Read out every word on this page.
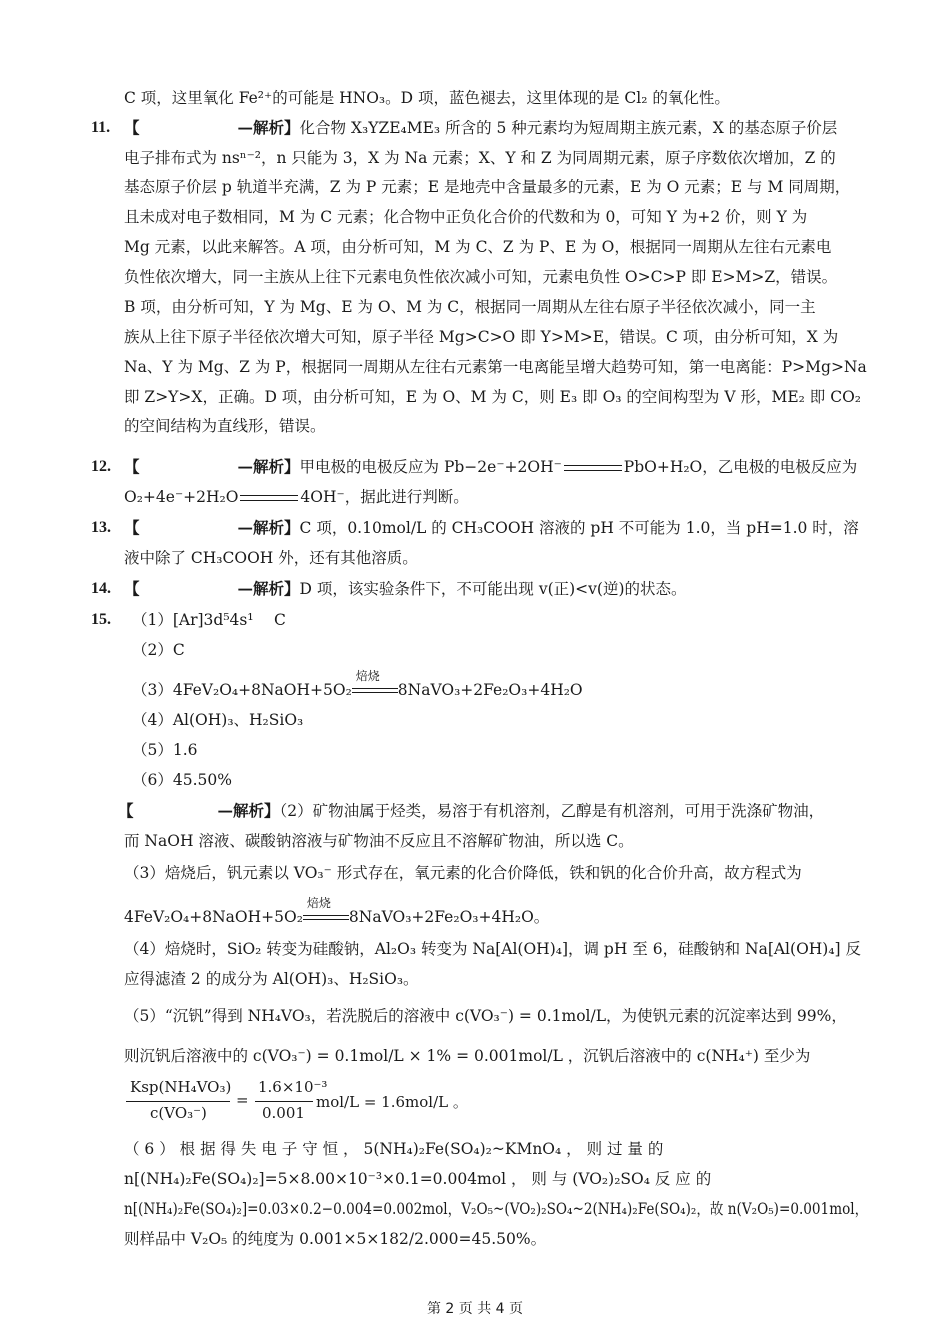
C 项，这里氧化 Fe²⁺的可能是 HNO₃。D 项，蓝色褪去，这里体现的是 Cl₂ 的氧化性。
11. 【	—解析】化合物 X₃YZE₄ME₃ 所含的 5 种元素均为短周期主族元素，X 的基态原子价层
电子排布式为 nsⁿ⁻²，n 只能为 3，X 为 Na 元素；X、Y 和 Z 为同周期元素，原子序数依次增加，Z 的
基态原子价层 p 轨道半充满，Z 为 P 元素；E 是地壳中含量最多的元素，E 为 O 元素；E 与 M 同周期，
且未成对电子数相同，M 为 C 元素；化合物中正负化合价的代数和为 0，可知 Y 为+2 价，则 Y 为
Mg 元素，以此来解答。A 项，由分析可知，M 为 C、Z 为 P、E 为 O，根据同一周期从左往右元素电
负性依次增大，同一主族从上往下元素电负性依次减小可知，元素电负性 O>C>P 即 E>M>Z，错误。
B 项，由分析可知，Y 为 Mg、E 为 O、M 为 C，根据同一周期从左往右原子半径依次减小，同一主
族从上往下原子半径依次增大可知，原子半径 Mg>C>O 即 Y>M>E，错误。C 项，由分析可知，X 为
Na、Y 为 Mg、Z 为 P，根据同一周期从左往右元素第一电离能呈增大趋势可知，第一电离能：P>Mg>Na
即 Z>Y>X，正确。D 项，由分析可知，E 为 O、M 为 C，则 E₃ 即 O₃ 的空间构型为 V 形，ME₂ 即 CO₂
的空间结构为直线形，错误。
12. 【	—解析】甲电极的电极反应为 Pb−2e⁻+2OH⁻	PbO+H₂O，乙电极的电极反应为
O₂+4e⁻+2H₂O	4OH⁻，据此进行判断。
13. 【	—解析】C 项，0.10mol/L 的 CH₃COOH 溶液的 pH 不可能为 1.0，当 pH=1.0 时，溶
液中除了 CH₃COOH 外，还有其他溶质。
14. 【	—解析】D 项，该实验条件下，不可能出现 v(正)<v(逆)的状态。
15. （1）[Ar]3d⁵4s¹　 C
（2）C
（3）4FeV₂O₄+8NaOH+5O₂
焙烧
8NaVO₃+2Fe₂O₃+4H₂O
（4）Al(OH)₃、H₂SiO₃
（5）1.6
（6）45.50%
【	—解析】（2）矿物油属于烃类，易溶于有机溶剂，乙醇是有机溶剂，可用于洗涤矿物油，
而 NaOH 溶液、碳酸钠溶液与矿物油不反应且不溶解矿物油，所以选 C。
（3）焙烧后，钒元素以 VO₃⁻ 形式存在，氧元素的化合价降低，铁和钒的化合价升高，故方程式为
4FeV₂O₄+8NaOH+5O₂
焙烧
8NaVO₃+2Fe₂O₃+4H₂O。
（4）焙烧时，SiO₂ 转变为硅酸钠，Al₂O₃ 转变为 Na[Al(OH)₄]，调 pH 至 6，硅酸钠和 Na[Al(OH)₄] 反
应得滤渣 2 的成分为 Al(OH)₃、H₂SiO₃。
（5）“沉钒”得到 NH₄VO₃，若洗脱后的溶液中 c(VO₃⁻) = 0.1mol/L，为使钒元素的沉淀率达到 99%，
则沉钒后溶液中的 c(VO₃⁻) = 0.1mol/L × 1% = 0.001mol/L ，沉钒后溶液中的 c(NH₄⁺) 至少为
Ksp(NH₄VO₃)
c(VO₃⁻)
=
1.6×10⁻³
0.001
mol/L = 1.6mol/L 。
（ 6 ） 根 据 得 失 电 子 守 恒 ， 5(NH₄)₂Fe(SO₄)₂~KMnO₄ ， 则 过 量 的
n[(NH₄)₂Fe(SO₄)₂]=5×8.00×10⁻³×0.1=0.004mol ， 则 与 (VO₂)₂SO₄ 反 应 的
n[(NH₄)₂Fe(SO₄)₂]=0.03×0.2−0.004=0.002mol，V₂O₅~(VO₂)₂SO₄~2(NH₄)₂Fe(SO₄)₂，故 n(V₂O₅)=0.001mol，
则样品中 V₂O₅ 的纯度为 0.001×5×182/2.000=45.50%。
第 2 页 共 4 页
